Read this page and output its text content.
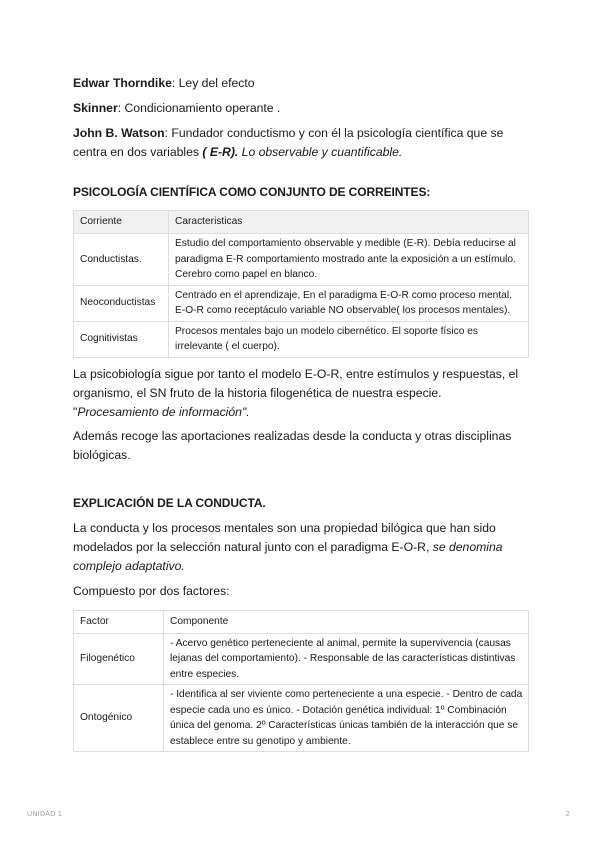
Edwar Thorndike: Ley del efecto

Skinner: Condicionamiento operante .

John B. Watson: Fundador conductismo y con él la psicología científica que se centra en dos variables ( E-R). Lo observable y cuantificable.

PSICOLOGÍA CIENTÍFICA COMO CONJUNTO DE CORREINTES:
Corriente	Caracteristicas
Conductistas.	Estudio del comportamiento observable y medible (E-R). Debía reducirse al paradigma E-R comportamiento mostrado ante la exposición a un estímulo. Cerebro como papel en blanco.
Neoconductistas	Centrado en el aprendizaje, En el paradigma E-O-R como proceso mental. E-O-R como receptáculo variable NO observable( los procesos mentales).
Cognitivistas	Procesos mentales bajo un modelo cibernético. El soporte físico es irrelevante ( el cuerpo).

La psicobiología sigue por tanto el modelo E-O-R, entre estímulos y respuestas, el organismo, el SN fruto de la historia filogenética de nuestra especie. "Procesamiento de información".

Además recoge las aportaciones realizadas desde la conducta y otras disciplinas biológicas.

EXPLICACIÓN DE LA CONDUCTA.

La conducta y los procesos mentales son una propiedad bilógica que han sido modelados por la selección natural junto con el paradigma E-O-R, se denomina complejo adaptativo.

Compuesto por dos factores:

Factor	Componente
Filogenético	- Acervo genético perteneciente al animal, permite la supervivencia (causas lejanas del comportamiento). - Responsable de las características distintivas entre especies.
Ontogénico	- Identifica al ser viviente como perteneciente a una especie. - Dentro de cada especie cada uno es único. - Dotación genética individual: 1º Combinación única del genoma. 2º Características únicas también de la interacción que se establece entre su genotipo y ambiente.
UNIDAD 1	2
